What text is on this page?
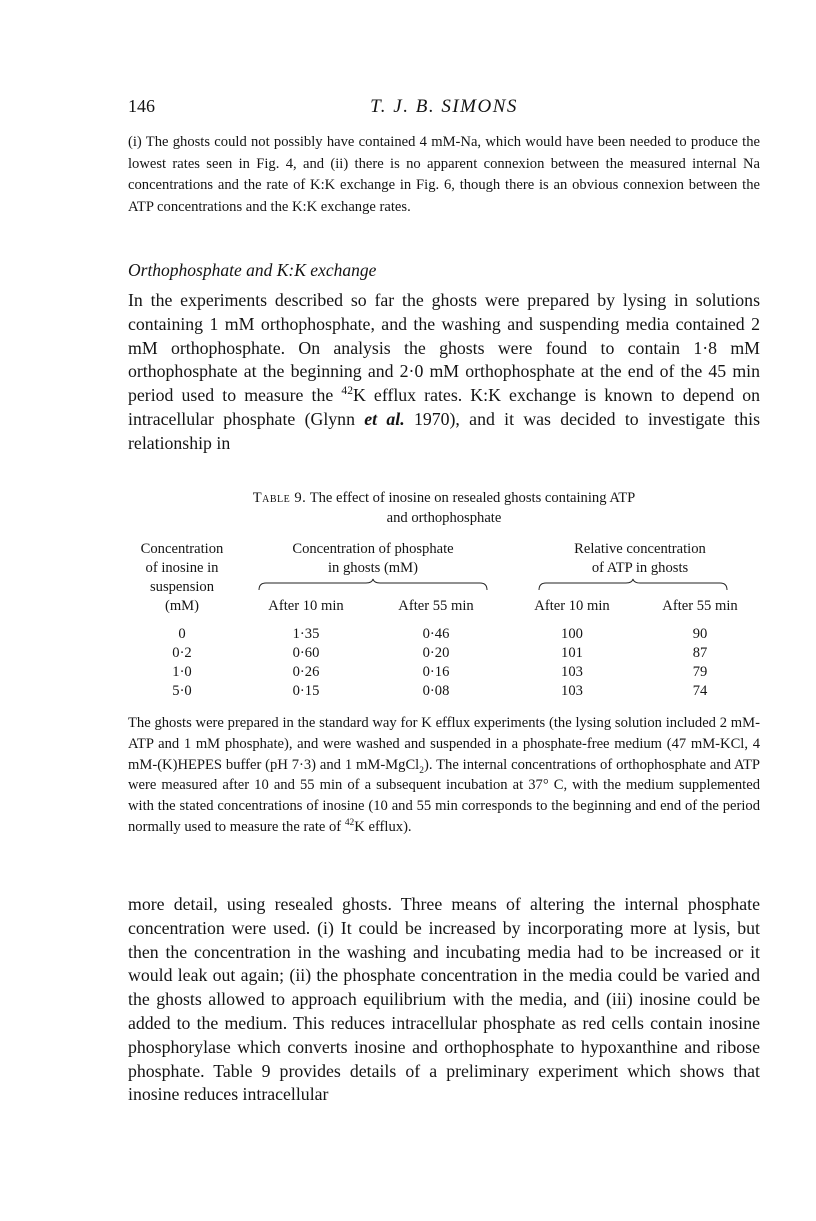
146	T. J. B. SIMONS

(i) The ghosts could not possibly have contained 4 mM-Na, which would have been needed to produce the lowest rates seen in Fig. 4, and (ii) there is no apparent connexion between the measured internal Na concentrations and the rate of K:K exchange in Fig. 6, though there is an obvious connexion between the ATP concentrations and the K:K exchange rates.

Orthophosphate and K:K exchange

In the experiments described so far the ghosts were prepared by lysing in solutions containing 1 mM orthophosphate, and the washing and suspending media contained 2 mM orthophosphate. On analysis the ghosts were found to contain 1·8 mM orthophosphate at the beginning and 2·0 mM orthophosphate at the end of the 45 min period used to measure the $^{42}$K efflux rates. K:K exchange is known to depend on intracellular phosphate (Glynn et al. 1970), and it was decided to investigate this relationship in

Table 9. The effect of inosine on resealed ghosts containing ATP
and orthophosphate

Concentration
of inosine in
suspension
(mM)
Concentration of phosphate
in ghosts (mM)
Relative concentration
of ATP in ghosts
After 10 min	After 55 min	After 10 min	After 55 min
0	1·35	0·46	100	90
0·2	0·60	0·20	101	87
1·0	0·26	0·16	103	79
5·0	0·15	0·08	103	74

The ghosts were prepared in the standard way for K efflux experiments (the lysing solution included 2 mM-ATP and 1 mM phosphate), and were washed and suspended in a phosphate-free medium (47 mM-KCl, 4 mM-(K)HEPES buffer (pH 7·3) and 1 mM-MgCl$_2$). The internal concentrations of orthophosphate and ATP were measured after 10 and 55 min of a subsequent incubation at 37° C, with the medium supplemented with the stated concentrations of inosine (10 and 55 min corresponds to the beginning and end of the period normally used to measure the rate of $^{42}$K efflux).

more detail, using resealed ghosts. Three means of altering the internal phosphate concentration were used. (i) It could be increased by incorporating more at lysis, but then the concentration in the washing and incubating media had to be increased or it would leak out again; (ii) the phosphate concentration in the media could be varied and the ghosts allowed to approach equilibrium with the media, and (iii) inosine could be added to the medium. This reduces intracellular phosphate as red cells contain inosine phosphorylase which converts inosine and orthophosphate to hypoxanthine and ribose phosphate. Table 9 provides details of a preliminary experiment which shows that inosine reduces intracellular
